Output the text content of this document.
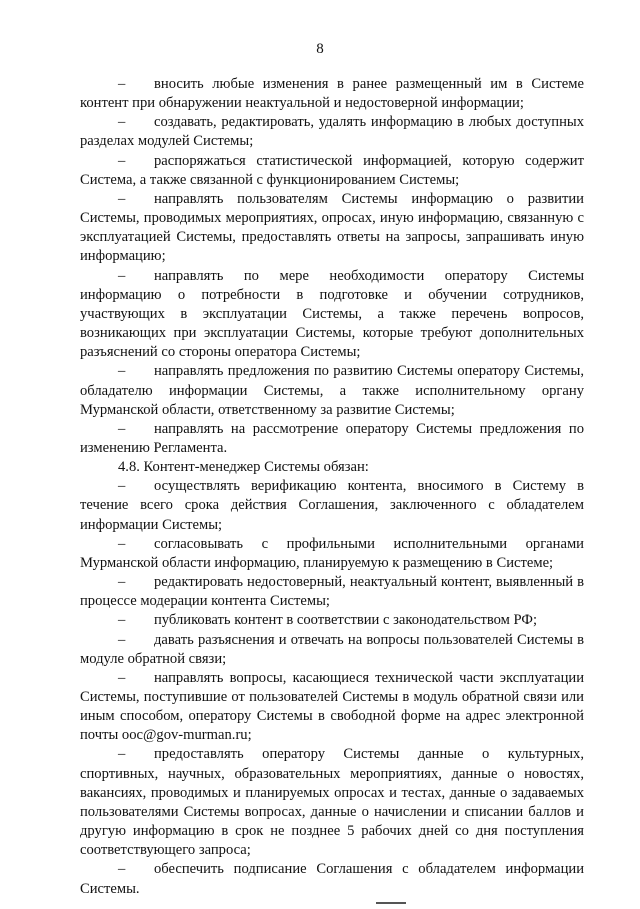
8

– вносить любые изменения в ранее размещенный им в Системе контент при обнаружении неактуальной и недостоверной информации;

– создавать, редактировать, удалять информацию в любых доступных разделах модулей Системы;

– распоряжаться статистической информацией, которую содержит Система, а также связанной с функционированием Системы;

– направлять пользователям Системы информацию о развитии Системы, проводимых мероприятиях, опросах, иную информацию, связанную с эксплуатацией Системы, предоставлять ответы на запросы, запрашивать иную информацию;

– направлять по мере необходимости оператору Системы информацию о потребности в подготовке и обучении сотрудников, участвующих в эксплуатации Системы, а также перечень вопросов, возникающих при эксплуатации Системы, которые требуют дополнительных разъяснений со стороны оператора Системы;

– направлять предложения по развитию Системы оператору Системы, обладателю информации Системы, а также исполнительному органу Мурманской области, ответственному за развитие Системы;

– направлять на рассмотрение оператору Системы предложения по изменению Регламента.

4.8. Контент-менеджер Системы обязан:

– осуществлять верификацию контента, вносимого в Систему в течение всего срока действия Соглашения, заключенного с обладателем информации Системы;

– согласовывать с профильными исполнительными органами Мурманской области информацию, планируемую к размещению в Системе;

– редактировать недостоверный, неактуальный контент, выявленный в процессе модерации контента Системы;

– публиковать контент в соответствии с законодательством РФ;

– давать разъяснения и отвечать на вопросы пользователей Системы в модуле обратной связи;

– направлять вопросы, касающиеся технической части эксплуатации Системы, поступившие от пользователей Системы в модуль обратной связи или иным способом, оператору Системы в свободной форме на адрес электронной почты ooc@gov-murman.ru;

– предоставлять оператору Системы данные о культурных, спортивных, научных, образовательных мероприятиях, данные о новостях, вакансиях, проводимых и планируемых опросах и тестах, данные о задаваемых пользователями Системы вопросах, данные о начислении и списании баллов и другую информацию в срок не позднее 5 рабочих дней со дня поступления соответствующего запроса;

– обеспечить подписание Соглашения с обладателем информации Системы.
